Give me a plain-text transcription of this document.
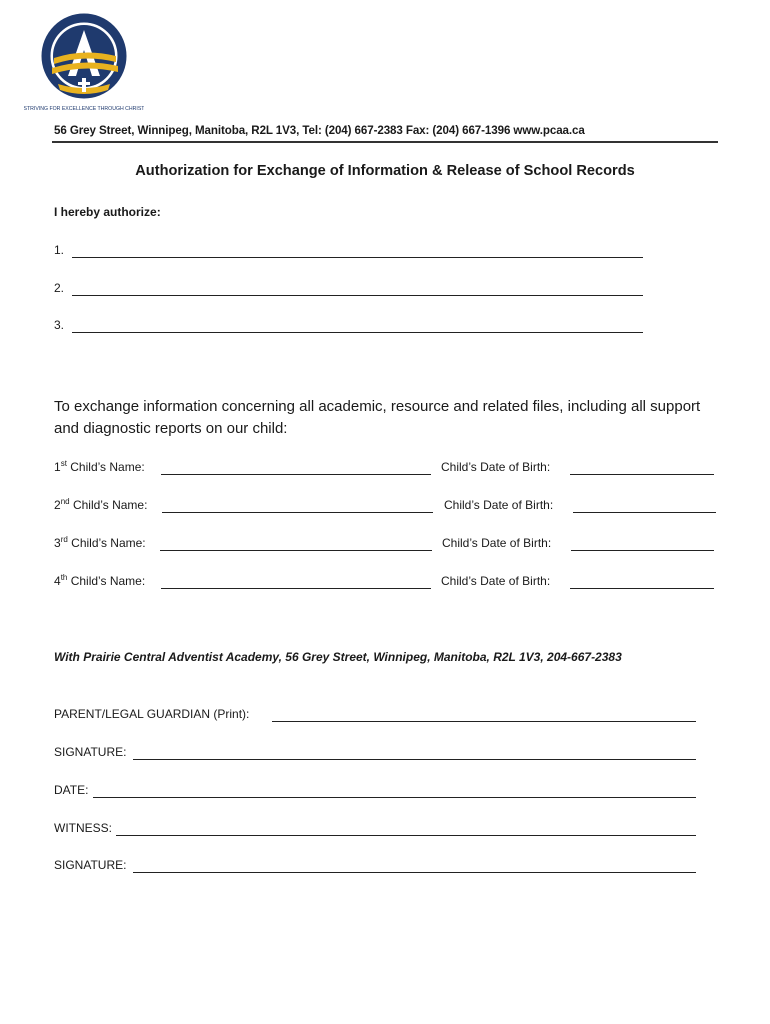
STRIVING FOR EXCELLENCE THROUGH CHRIST
56 Grey Street, Winnipeg, Manitoba, R2L 1V3, Tel: (204) 667-2383 Fax: (204) 667-1396 www.pcaa.ca
Authorization for Exchange of Information & Release of School Records
I hereby authorize:
1.
2.
3.
To exchange information concerning all academic, resource and related files, including all support and diagnostic reports on our child:
1st Child’s Name:	Child’s Date of Birth:
2nd Child’s Name:	Child’s Date of Birth:
3rd Child’s Name:	Child’s Date of Birth:
4th Child’s Name:	Child’s Date of Birth:
With Prairie Central Adventist Academy, 56 Grey Street, Winnipeg, Manitoba, R2L 1V3, 204-667-2383
PARENT/LEGAL GUARDIAN (Print):
SIGNATURE:
DATE:
WITNESS:
SIGNATURE:
